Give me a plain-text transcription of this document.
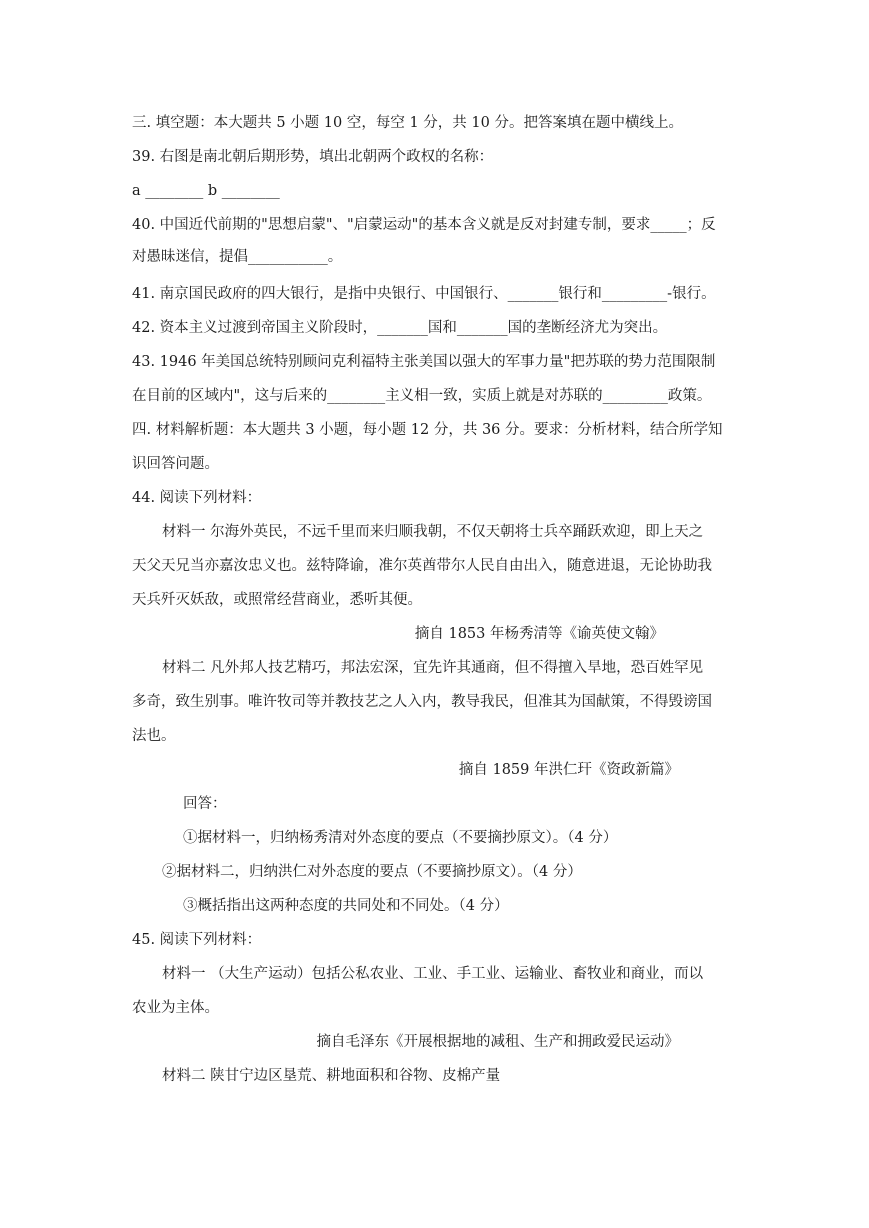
三. 填空题：本大题共 5 小题 10 空，每空 1 分，共 10 分。把答案填在题中横线上。
39. 右图是南北朝后期形势，填出北朝两个政权的名称：
a ________ b ________
40. 中国近代前期的"思想启蒙"、"启蒙运动"的基本含义就是反对封建专制，要求_____；反
对愚昧迷信，提倡___________。
41. 南京国民政府的四大银行，是指中央银行、中国银行、_______银行和_________-银行。
42. 资本主义过渡到帝国主义阶段时，_______国和_______国的垄断经济尤为突出。
43. 1946 年美国总统特别顾问克利福特主张美国以强大的军事力量"把苏联的势力范围限制
在目前的区域内"，这与后来的________主义相一致，实质上就是对苏联的_________政策。
四. 材料解析题：本大题共 3 小题，每小题 12 分，共 36 分。要求：分析材料，结合所学知
识回答问题。
44. 阅读下列材料：
材料一 尔海外英民，不远千里而来归顺我朝，不仅天朝将士兵卒踊跃欢迎，即上天之
天父天兄当亦嘉汝忠义也。兹特降谕，准尔英酋带尔人民自由出入，随意进退，无论协助我
天兵歼灭妖敌，或照常经营商业，悉听其便。
摘自 1853 年杨秀清等《谕英使文翰》
材料二 凡外邦人技艺精巧，邦法宏深，宜先许其通商，但不得擅入旱地，恐百姓罕见
多奇，致生别事。唯许牧司等并教技艺之人入内，教导我民，但准其为国献策，不得毁谤国
法也。
摘自 1859 年洪仁玕《资政新篇》
回答：
①据材料一，归纳杨秀清对外态度的要点（不要摘抄原文）。（4 分）
②据材料二，归纳洪仁对外态度的要点（不要摘抄原文）。（4 分）
③概括指出这两种态度的共同处和不同处。（4 分）
45. 阅读下列材料：
材料一 （大生产运动）包括公私农业、工业、手工业、运输业、畜牧业和商业，而以
农业为主体。
摘自毛泽东《开展根据地的减租、生产和拥政爱民运动》
材料二 陕甘宁边区垦荒、耕地面积和谷物、皮棉产量
